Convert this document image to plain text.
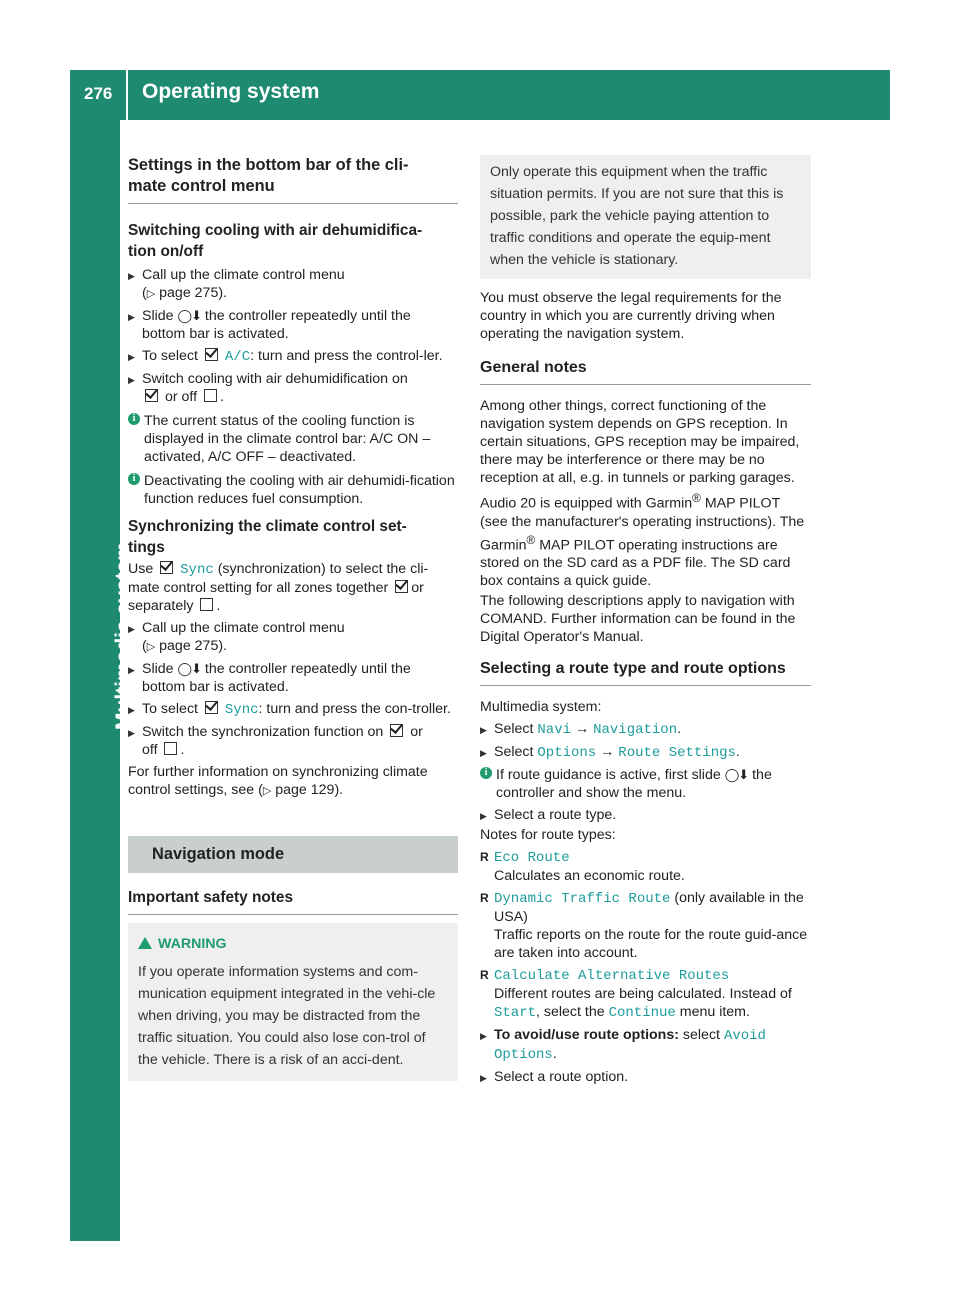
276 Operating system
Multimedia system

Settings in the bottom bar of the cli-
mate control menu

Switching cooling with air dehumidifica-
tion on/off

▶ Call up the climate control menu
(▷ page 275).
▶ Slide ◯⬇ the controller repeatedly until the bottom bar is activated.
▶ To select A/C: turn and press the control-ler.
▶ Switch cooling with air dehumidification on
or off .
i The current status of the cooling function is displayed in the climate control bar: A/C ON – activated, A/C OFF – deactivated.
i Deactivating the cooling with air dehumidi-fication function reduces fuel consumption.

Synchronizing the climate control set-
tings

Use Sync (synchronization) to select the cli-mate control setting for all zones together or separately .

▶ Call up the climate control menu
(▷ page 275).
▶ Slide ◯⬇ the controller repeatedly until the bottom bar is activated.
▶ To select Sync: turn and press the con-troller.
▶ Switch the synchronization function on or
off .

For further information on synchronizing climate control settings, see (▷ page 129).

Navigation mode

Important safety notes

WARNING
If you operate information systems and com-munication equipment integrated in the vehi-cle when driving, you may be distracted from the traffic situation. You could also lose con-trol of the vehicle. There is a risk of an acci-dent.
Only operate this equipment when the traffic situation permits. If you are not sure that this is possible, park the vehicle paying attention to traffic conditions and operate the equip-ment when the vehicle is stationary.

You must observe the legal requirements for the country in which you are currently driving when operating the navigation system.

General notes

Among other things, correct functioning of the navigation system depends on GPS reception. In certain situations, GPS reception may be impaired, there may be interference or there may be no reception at all, e.g. in tunnels or parking garages.

Audio 20 is equipped with Garmin® MAP PILOT (see the manufacturer's operating instructions). The Garmin® MAP PILOT operating instructions are stored on the SD card as a PDF file. The SD card box contains a quick guide.

The following descriptions apply to navigation with COMAND. Further information can be found in the Digital Operator's Manual.

Selecting a route type and route options

Multimedia system:

▶ Select Navi → Navigation.
▶ Select Options → Route Settings.
i If route guidance is active, first slide ◯⬇ the controller and show the menu.
▶ Select a route type.

Notes for route types:

R Eco Route
Calculates an economic route.
R Dynamic Traffic Route (only available in the USA)
Traffic reports on the route for the route guid-ance are taken into account.
R Calculate Alternative Routes
Different routes are being calculated. Instead of Start, select the Continue menu item.
▶ To avoid/use route options: select Avoid
Options.
▶ Select a route option.
